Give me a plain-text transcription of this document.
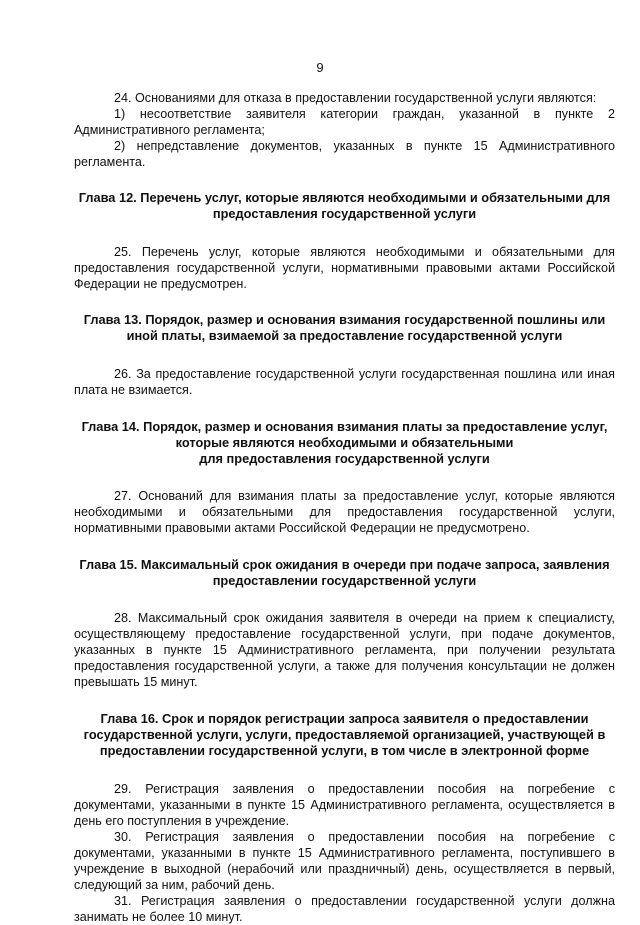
9

24. Основаниями для отказа в предоставлении государственной услуги являются:

1) несоответствие заявителя категории граждан, указанной в пункте 2 Административного регламента;

2) непредставление документов, указанных в пункте 15 Административного регламента.

Глава 12. Перечень услуг, которые являются необходимыми и обязательными для предоставления государственной услуги

25. Перечень услуг, которые являются необходимыми и обязательными для предоставления государственной услуги, нормативными правовыми актами Российской Федерации не предусмотрен.

Глава 13. Порядок, размер и основания взимания государственной пошлины или иной платы, взимаемой за предоставление государственной услуги

26. За предоставление государственной услуги государственная пошлина или иная плата не взимается.

Глава 14. Порядок, размер и основания взимания платы за предоставление услуг,
которые являются необходимыми и обязательными
для предоставления государственной услуги

27. Оснований для взимания платы за предоставление услуг, которые являются необходимыми и обязательными для предоставления государственной услуги, нормативными правовыми актами Российской Федерации не предусмотрено.

Глава 15. Максимальный срок ожидания в очереди при подаче запроса, заявления предоставлении государственной услуги

28. Максимальный срок ожидания заявителя в очереди на прием к специалисту, осуществляющему предоставление государственной услуги, при подаче документов, указанных в пункте 15 Административного регламента, при получении результата предоставления государственной услуги, а также для получения консультации не должен превышать 15 минут.

Глава 16. Срок и порядок регистрации запроса заявителя о предоставлении государственной услуги, услуги, предоставляемой организацией, участвующей в предоставлении государственной услуги, в том числе в электронной форме

29. Регистрация заявления о предоставлении пособия на погребение с документами, указанными в пункте 15 Административного регламента, осуществляется в день его поступления в учреждение.

30. Регистрация заявления о предоставлении пособия на погребение с документами, указанными в пункте 15 Административного регламента, поступившего в учреждение в выходной (нерабочий или праздничный) день, осуществляется в первый, следующий за ним, рабочий день.

31. Регистрация заявления о предоставлении государственной услуги должна занимать не более 10 минут.
